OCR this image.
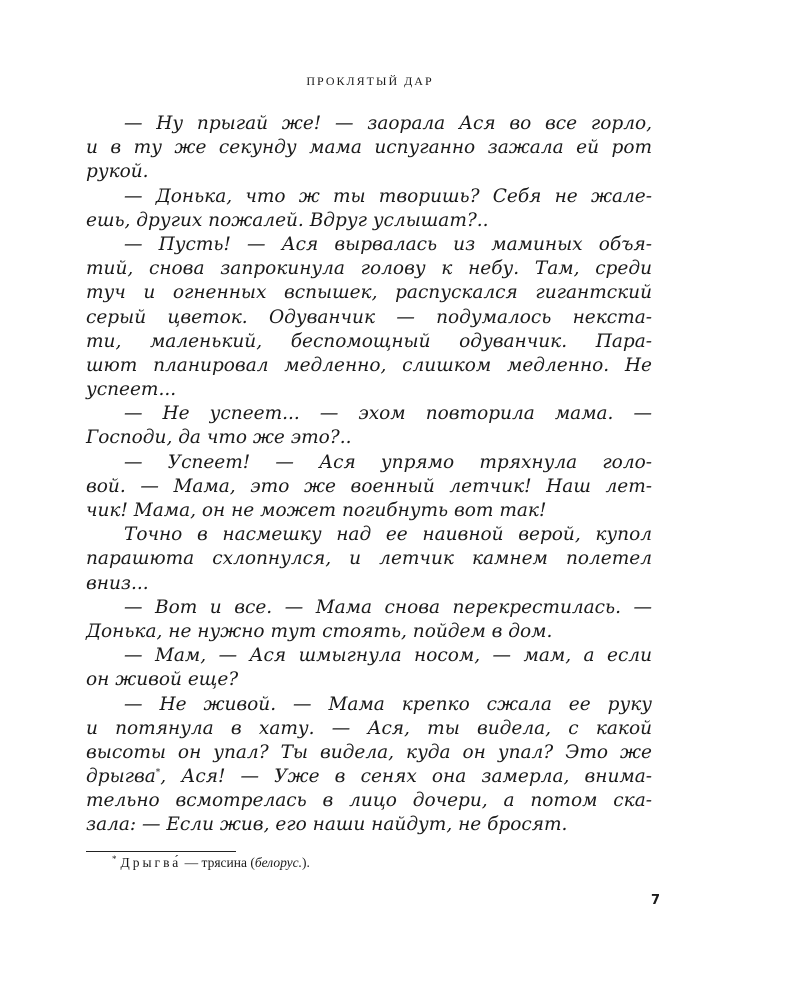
ПРОКЛЯТЫЙ ДАР
— Ну прыгай же! — заорала Ася во все горло,
и в ту же секунду мама испуганно зажала ей рот
рукой.
— Донька, что ж ты творишь? Себя не жале-
ешь, других пожалей. Вдруг услышат?..
— Пусть! — Ася вырвалась из маминых объя-
тий, снова запрокинула голову к небу. Там, среди
туч и огненных вспышек, распускался гигантский
серый цветок. Одуванчик — подумалось некста-
ти, маленький, беспомощный одуванчик. Пара-
шют планировал медленно, слишком медленно. Не
успеет...
— Не успеет... — эхом повторила мама. —
Господи, да что же это?..
— Успеет! — Ася упрямо тряхнула голо-
вой. — Мама, это же военный летчик! Наш лет-
чик! Мама, он не может погибнуть вот так!
Точно в насмешку над ее наивной верой, купол
парашюта схлопнулся, и летчик камнем полетел
вниз...
— Вот и все. — Мама снова перекрестилась. —
Донька, не нужно тут стоять, пойдем в дом.
— Мам, — Ася шмыгнула носом, — мам, а если
он живой еще?
— Не живой. — Мама крепко сжала ее руку
и потянула в хату. — Ася, ты видела, с какой
высоты он упал? Ты видела, куда он упал? Это же
дрыгва*, Ася! — Уже в сенях она замерла, внима-
тельно всмотрелась в лицо дочери, а потом ска-
зала: — Если жив, его наши найдут, не бросят.
* Дрыгва́ — трясина (белорус.).
7
